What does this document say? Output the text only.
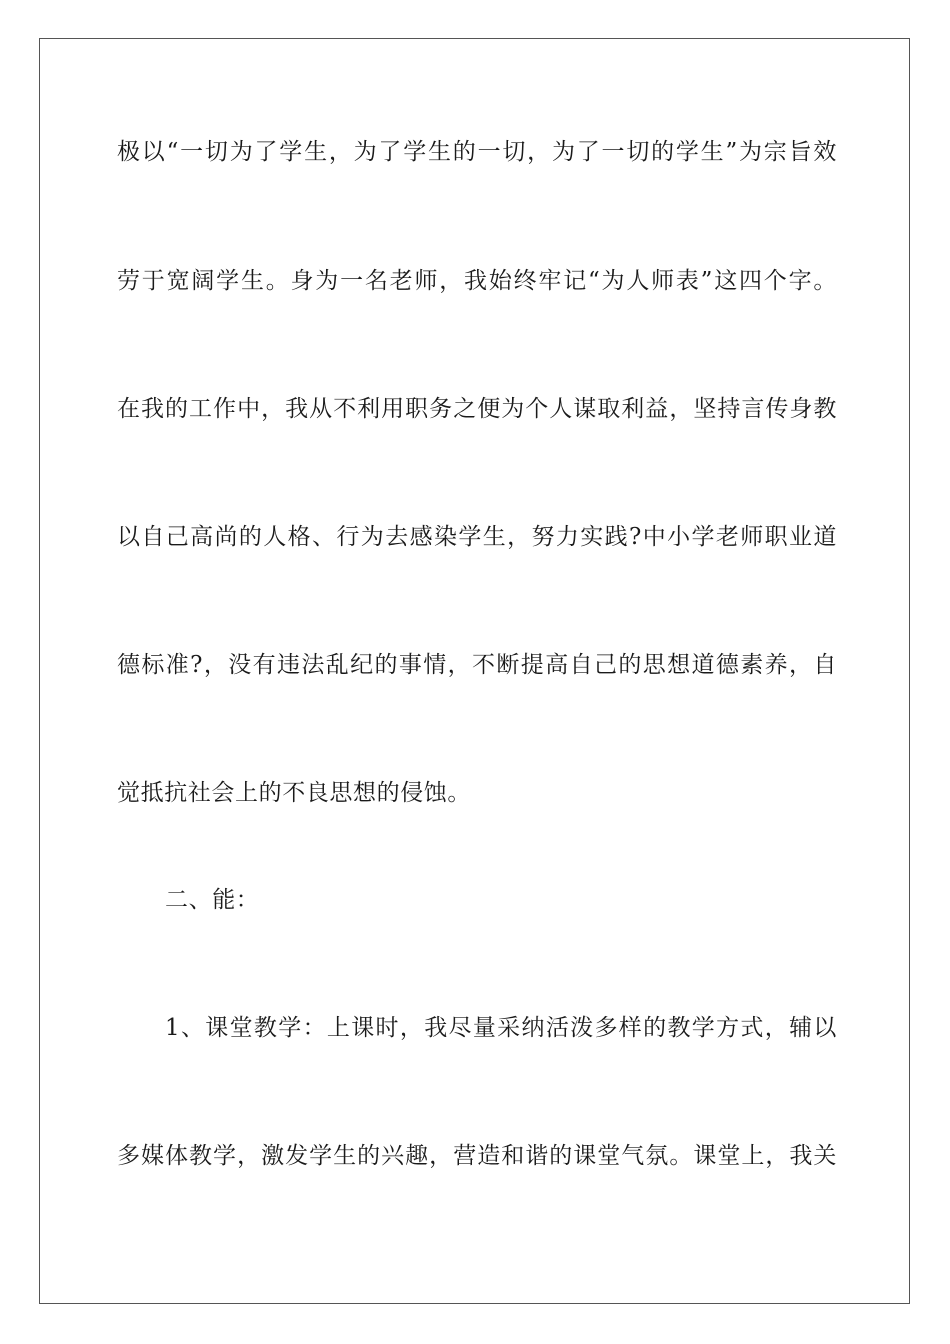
极以“一切为了学生，为了学生的一切，为了一切的学生”为宗旨效
劳于宽阔学生。身为一名老师，我始终牢记“为人师表”这四个字。
在我的工作中，我从不利用职务之便为个人谋取利益，坚持言传身教
以自己高尚的人格、行为去感染学生，努力实践?中小学老师职业道
德标准?，没有违法乱纪的事情，不断提高自己的思想道德素养，自
觉抵抗社会上的不良思想的侵蚀。
二、能：
1、课堂教学：上课时，我尽量采纳活泼多样的教学方式，辅以
多媒体教学，激发学生的兴趣，营造和谐的课堂气氛。课堂上，我关
